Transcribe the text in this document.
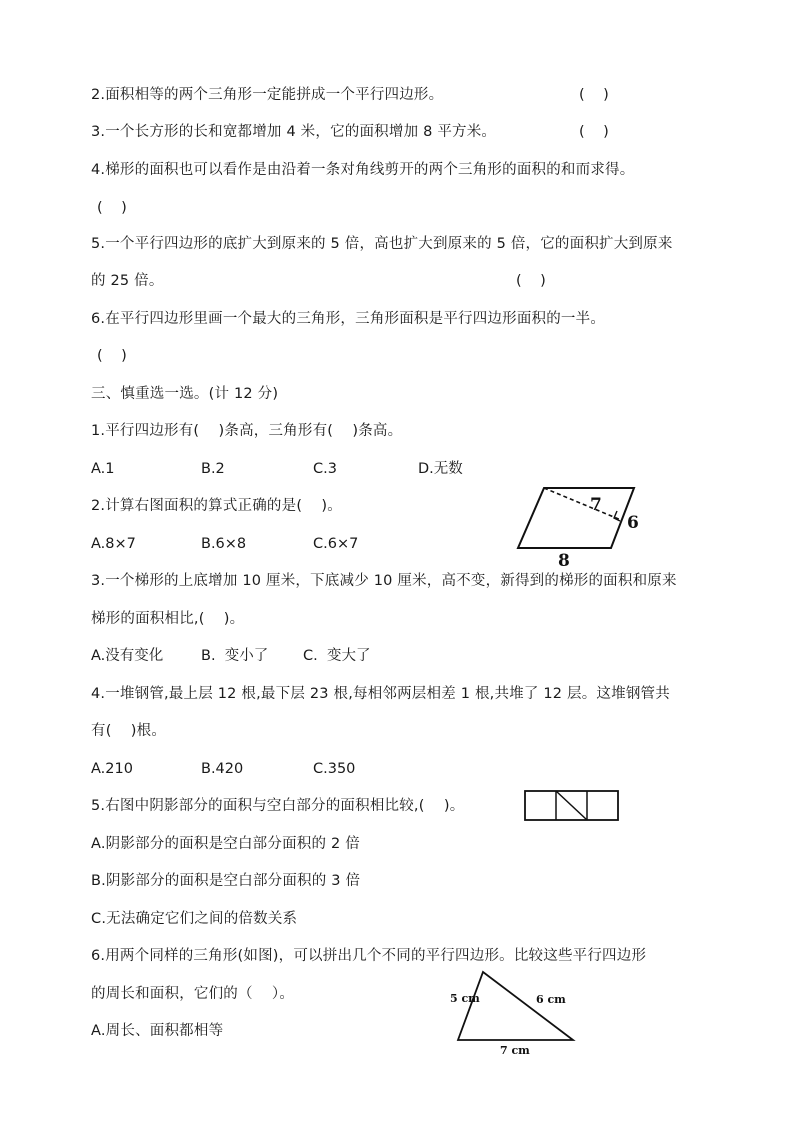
2.面积相等的两个三角形一定能拼成一个平行四边形。	(    )
3.一个长方形的长和宽都增加 4 米，它的面积增加 8 平方米。	(    )
4.梯形的面积也可以看作是由沿着一条对角线剪开的两个三角形的面积的和而求得。
(    )
5.一个平行四边形的底扩大到原来的 5 倍，高也扩大到原来的 5 倍，它的面积扩大到原来
的 25 倍。	(    )
6.在平行四边形里画一个最大的三角形，三角形面积是平行四边形面积的一半。
(    )
三、慎重选一选。(计 12 分)
1.平行四边形有(    )条高，三角形有(    )条高。
A.1	B.2	C.3	D.无数
2.计算右图面积的算式正确的是(    )。
A.8×7	B.6×8	C.6×7
7
6
8
3.一个梯形的上底增加 10 厘米，下底减少 10 厘米，高不变，新得到的梯形的面积和原来
梯形的面积相比,(    )。
A.没有变化	B.  变小了 C.  变大了
4.一堆钢管,最上层 12 根,最下层 23 根,每相邻两层相差 1 根,共堆了 12 层。这堆钢管共
有(    )根。
A.210	B.420	C.350
5.右图中阴影部分的面积与空白部分的面积相比较,(    )。
A.阴影部分的面积是空白部分面积的 2 倍
B.阴影部分的面积是空白部分面积的 3 倍
C.无法确定它们之间的倍数关系
6.用两个同样的三角形(如图)，可以拼出几个不同的平行四边形。比较这些平行四边形
的周长和面积，它们的（    ）。
A.周长、面积都相等
5 cm	6 cm
7 cm
